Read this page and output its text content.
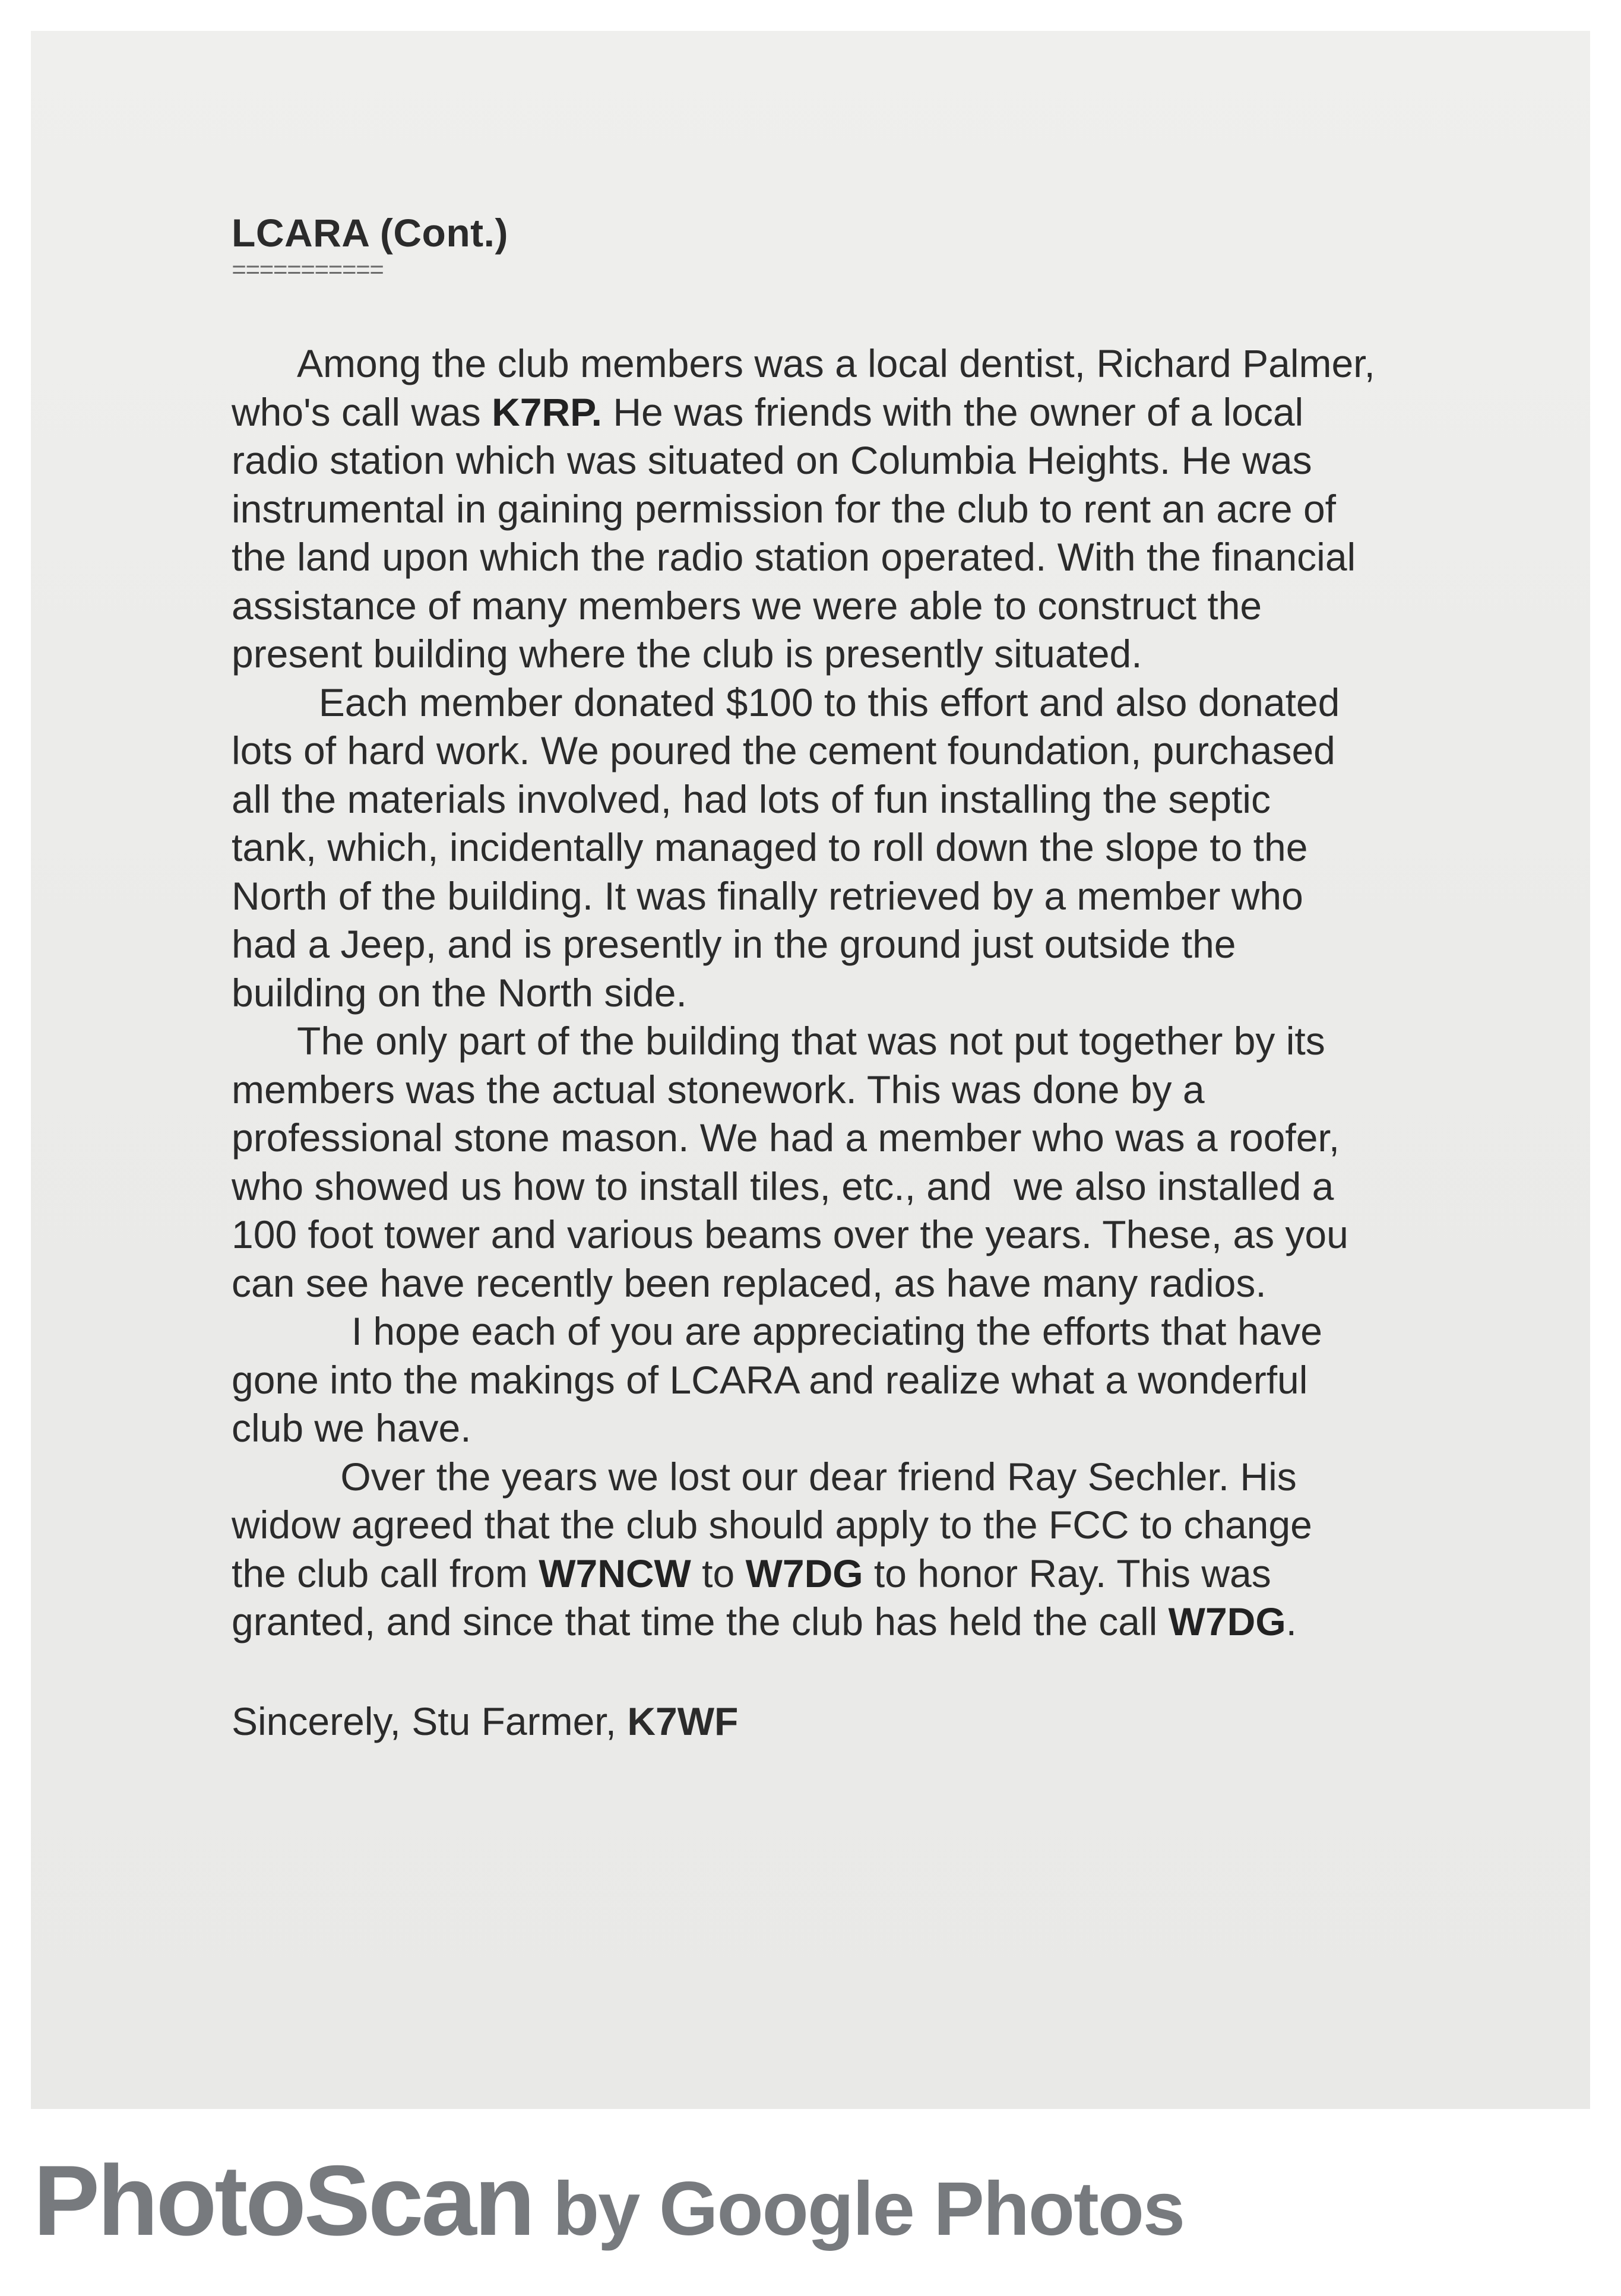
LCARA (Cont.)
===========

Among the club members was a local dentist, Richard Palmer,
who's call was K7RP. He was friends with the owner of a local
radio station which was situated on Columbia Heights. He was
instrumental in gaining permission for the club to rent an acre of
the land upon which the radio station operated. With the financial
assistance of many members we were able to construct the
present building where the club is presently situated.

Each member donated $100 to this effort and also donated
lots of hard work. We poured the cement foundation, purchased
all the materials involved, had lots of fun installing the septic
tank, which, incidentally managed to roll down the slope to the
North of the building. It was finally retrieved by a member who
had a Jeep, and is presently in the ground just outside the
building on the North side.

The only part of the building that was not put together by its
members was the actual stonework. This was done by a
professional stone mason. We had a member who was a roofer,
who showed us how to install tiles, etc., and  we also installed a
100 foot tower and various beams over the years. These, as you
can see have recently been replaced, as have many radios.

I hope each of you are appreciating the efforts that have
gone into the makings of LCARA and realize what a wonderful
club we have.

Over the years we lost our dear friend Ray Sechler. His
widow agreed that the club should apply to the FCC to change
the club call from W7NCW to W7DG to honor Ray. This was
granted, and since that time the club has held the call W7DG.

Sincerely, Stu Farmer, K7WF
PhotoScan by Google Photos
